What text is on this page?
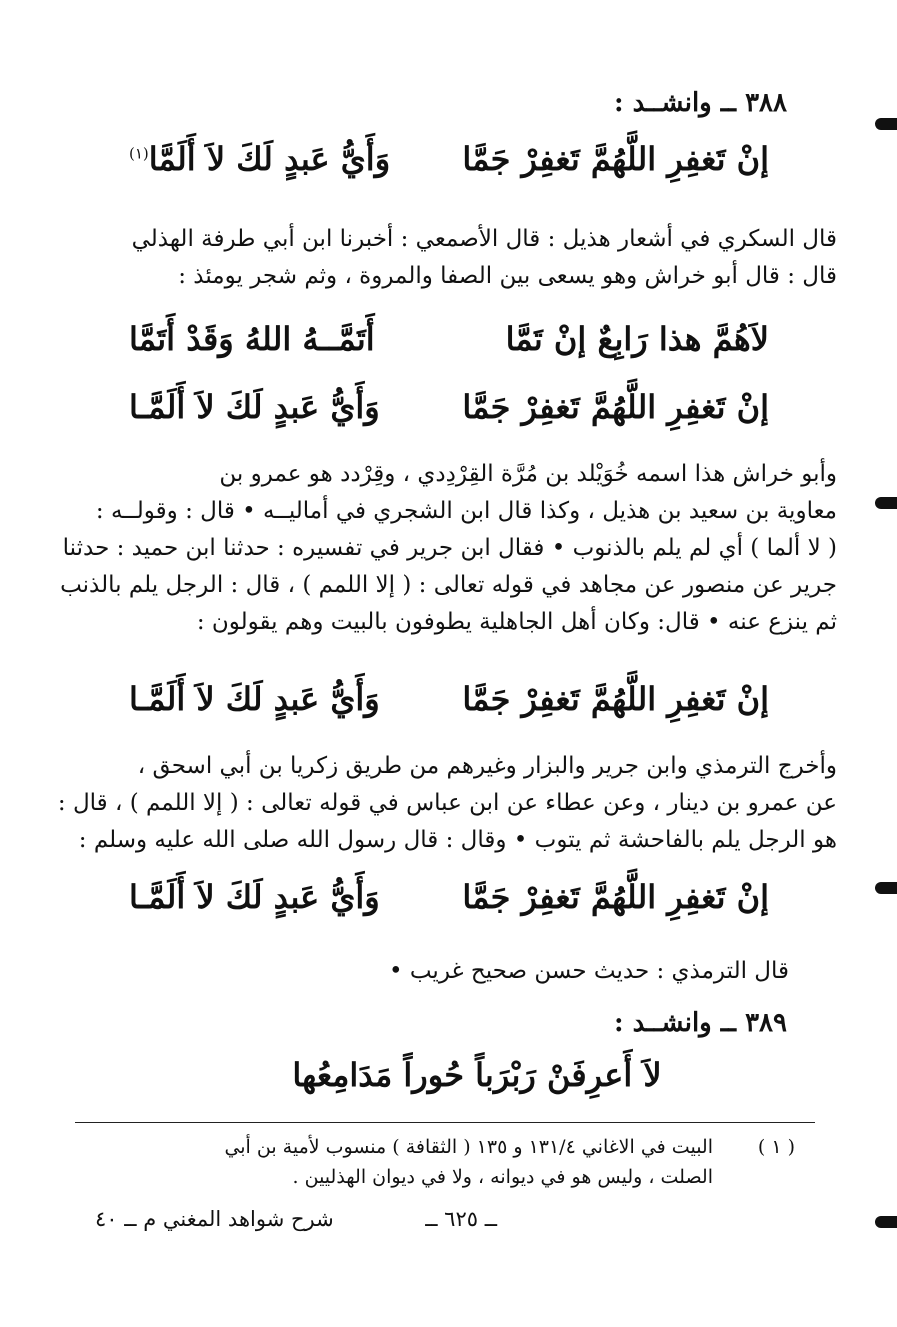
٣٨٨ ــ وانشــد :
إنْ تَغفِرِ اللَّهُمَّ تَغفِرْ جَمَّا
وَأَيُّ عَبدٍ لَكَ لاَ أَلَمَّا$^{(١)}$
قال السكري في أشعار هذيل : قال الأصمعي : أخبرنا ابن أبي طرفة الهذلي
قال : قال أبو خراش وهو يسعى بين الصفا والمروة ، وثم شجر يومئذ :
لاَهُمَّ هذا رَابِعٌ إنْ تَمَّا
أَتَمَّــهُ اللهُ وَقَدْ أَتَمَّا
إنْ تَغفِرِ اللَّهُمَّ تَغفِرْ جَمَّا
وَأَيُّ عَبدٍ لَكَ لاَ أَلَمَّـا
وأبو خراش هذا اسمه خُوَيْلد بن مُرَّة القِرْدِدي ، وقِرْدد هو عمرو بن
معاوية بن سعيد بن هذيل ، وكذا قال ابن الشجري في أماليــه • قال : وقولــه :
( لا ألما ) أي لم يلم بالذنوب • فقال ابن جرير في تفسيره : حدثنا ابن حميد : حدثنا
جرير عن منصور عن مجاهد في قوله تعالى : ( إلا اللمم ) ، قال : الرجل يلم بالذنب
ثم ينزع عنه • قال: وكان أهل الجاهلية يطوفون بالبيت وهم يقولون :
إنْ تَغفِرِ اللَّهُمَّ تَغفِرْ جَمَّا
وَأَيُّ عَبدٍ لَكَ لاَ أَلَمَّـا
وأخرج الترمذي وابن جرير والبزار وغيرهم من طريق زكريا بن أبي اسحق ،
عن عمرو بن دينار ، وعن عطاء عن ابن عباس في قوله تعالى : ( إلا اللمم ) ، قال :
هو الرجل يلم بالفاحشة ثم يتوب • وقال : قال رسول الله صلى الله عليه وسلم :
إنْ تَغفِرِ اللَّهُمَّ تَغفِرْ جَمَّا
وَأَيُّ عَبدٍ لَكَ لاَ أَلَمَّـا
قال الترمذي : حديث حسن صحيح غريب •
٣٨٩ ــ وانشــد :
لاَ أَعرِفَنْ رَبْرَباً حُوراً مَدَامِعُها
( ١ )
البيت في الاغاني ١٣١/٤ و ١٣٥ ( الثقافة ) منسوب لأمية بن أبي
الصلت ، وليس هو في ديوانه ، ولا في ديوان الهذليين .
ــ ٦٢٥ ــ
شرح شواهد المغني م ــ ٤٠
